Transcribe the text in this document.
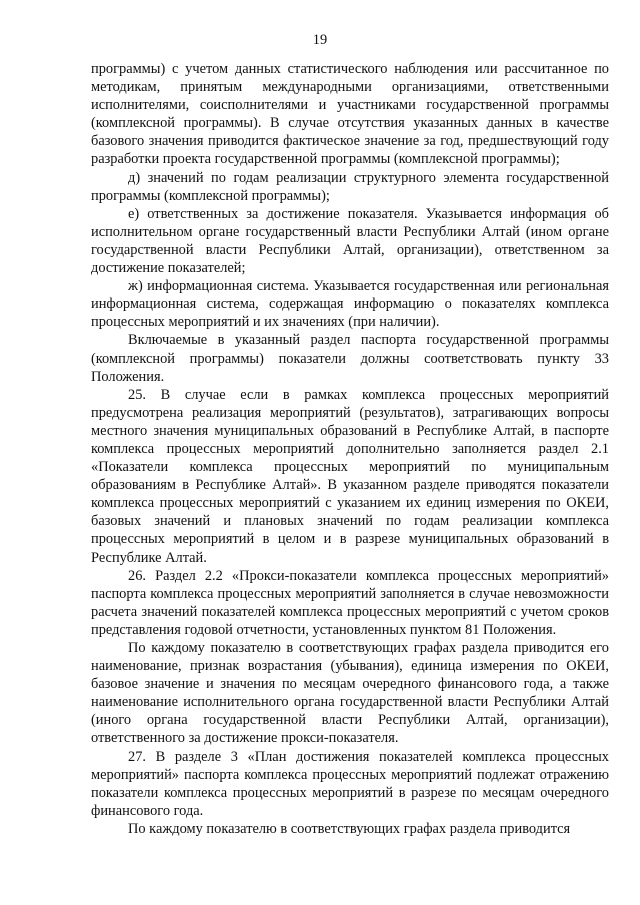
19

программы) с учетом данных статистического наблюдения или рассчитанное по методикам, принятым международными организациями, ответственными исполнителями, соисполнителями и участниками государственной программы (комплексной программы). В случае отсутствия указанных данных в качестве базового значения приводится фактическое значение за год, предшествующий году разработки проекта государственной программы (комплексной программы);

д) значений по годам реализации структурного элемента государственной программы (комплексной программы);

е) ответственных за достижение показателя. Указывается информация об исполнительном органе государственный власти Республики Алтай (ином органе государственной власти Республики Алтай, организации), ответственном за достижение показателей;

ж) информационная система. Указывается государственная или региональная информационная система, содержащая информацию о показателях комплекса процессных мероприятий и их значениях (при наличии).

Включаемые в указанный раздел паспорта государственной программы (комплексной программы) показатели должны соответствовать пункту 33 Положения.

25. В случае если в рамках комплекса процессных мероприятий предусмотрена реализация мероприятий (результатов), затрагивающих вопросы местного значения муниципальных образований в Республике Алтай, в паспорте комплекса процессных мероприятий дополнительно заполняется раздел 2.1 «Показатели комплекса процессных мероприятий по муниципальным образованиям в Республике Алтай». В указанном разделе приводятся показатели комплекса процессных мероприятий с указанием их единиц измерения по ОКЕИ, базовых значений и плановых значений по годам реализации комплекса процессных мероприятий в целом и в разрезе муниципальных образований в Республике Алтай.

26. Раздел 2.2 «Прокси-показатели комплекса процессных мероприятий» паспорта комплекса процессных мероприятий заполняется в случае невозможности расчета значений показателей комплекса процессных мероприятий с учетом сроков представления годовой отчетности, установленных пунктом 81 Положения.

По каждому показателю в соответствующих графах раздела приводится его наименование, признак возрастания (убывания), единица измерения по ОКЕИ, базовое значение и значения по месяцам очередного финансового года, а также наименование исполнительного органа государственной власти Республики Алтай (иного органа государственной власти Республики Алтай, организации), ответственного за достижение прокси-показателя.

27. В разделе 3 «План достижения показателей комплекса процессных мероприятий» паспорта комплекса процессных мероприятий подлежат отражению показатели комплекса процессных мероприятий в разрезе по месяцам очередного финансового года.

По каждому показателю в соответствующих графах раздела приводится
